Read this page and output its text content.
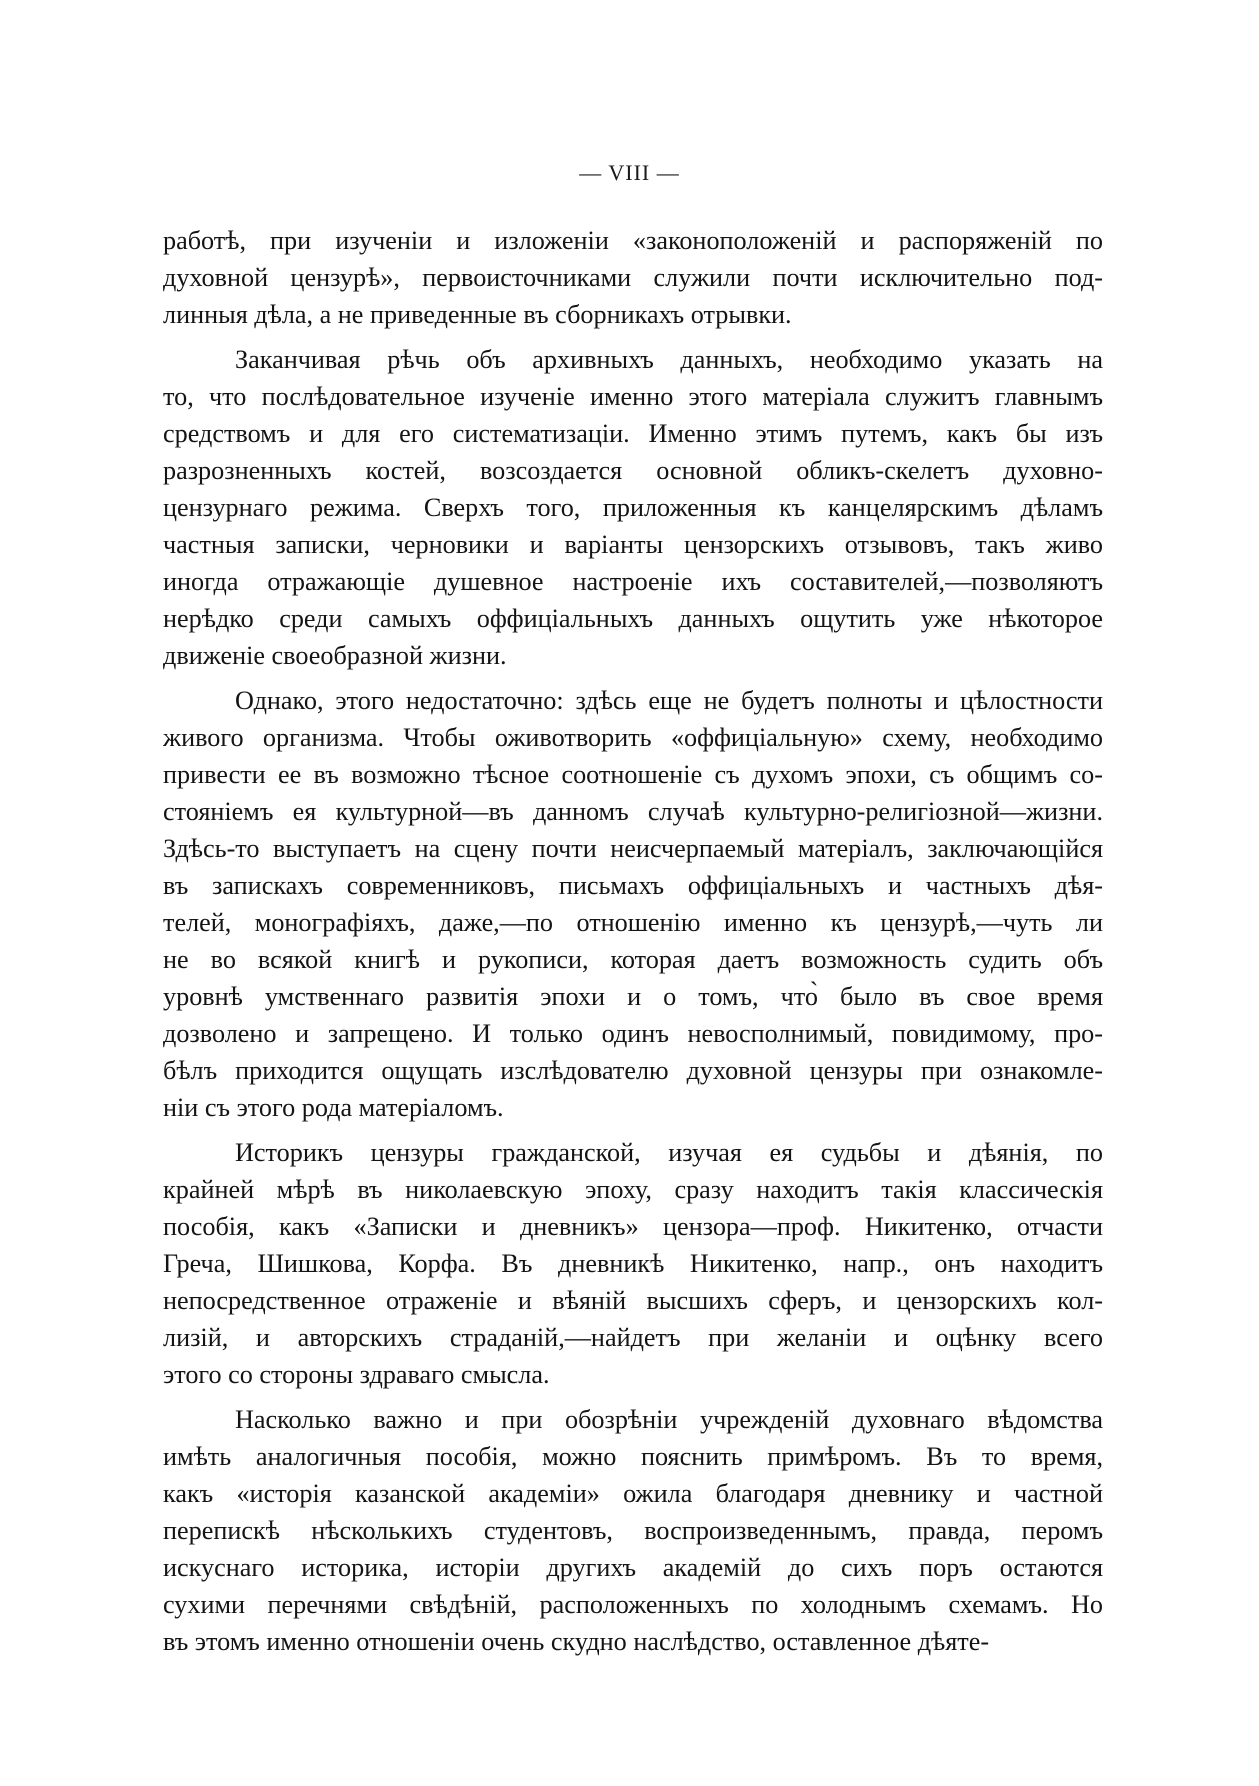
— VIII —
работѣ, при изученіи и изложеніи «законоположеній и распоряженій по
духовной цензурѣ», первоисточниками служили почти исключительно под-
линныя дѣла, а не приведенные въ сборникахъ отрывки.
Заканчивая рѣчь объ архивныхъ данныхъ, необходимо указать на
то, что послѣдовательное изученіе именно этого матеріала служитъ главнымъ
средствомъ и для его систематизаціи. Именно этимъ путемъ, какъ бы изъ
разрозненныхъ костей, возсоздается основной обликъ-скелетъ духовно-
цензурнаго режима. Сверхъ того, приложенныя къ канцелярскимъ дѣламъ
частныя записки, черновики и варіанты цензорскихъ отзывовъ, такъ живо
иногда отражающіе душевное настроеніе ихъ составителей,—позволяютъ
нерѣдко среди самыхъ оффиціальныхъ данныхъ ощутить уже нѣкоторое
движеніе своеобразной жизни.
Однако, этого недостаточно: здѣсь еще не будетъ полноты и цѣлостности
живого организма. Чтобы оживотворить «оффиціальную» схему, необходимо
привести ее въ возможно тѣсное соотношеніе съ духомъ эпохи, съ общимъ со-
стояніемъ ея культурной—въ данномъ случаѣ культурно-религіозной—жизни.
Здѣсь-то выступаетъ на сцену почти неисчерпаемый матеріалъ, заключающійся
въ запискахъ современниковъ, письмахъ оффиціальныхъ и частныхъ дѣя-
телей, монографіяхъ, даже,—по отношенію именно къ цензурѣ,—чуть ли
не во всякой книгѣ и рукописи, которая даетъ возможность судить объ
уровнѣ умственнаго развитія эпохи и о томъ, что̀ было въ свое время
дозволено и запрещено. И только одинъ невосполнимый, повидимому, про-
бѣлъ приходится ощущать изслѣдователю духовной цензуры при ознакомле-
ніи съ этого рода матеріаломъ.
Историкъ цензуры гражданской, изучая ея судьбы и дѣянія, по
крайней мѣрѣ въ николаевскую эпоху, сразу находитъ такія классическія
пособія, какъ «Записки и дневникъ» цензора—проф. Никитенко, отчасти
Греча, Шишкова, Корфа. Въ дневникѣ Никитенко, напр., онъ находитъ
непосредственное отраженіе и вѣяній высшихъ сферъ, и цензорскихъ кол-
лизій, и авторскихъ страданій,—найдетъ при желаніи и оцѣнку всего
этого со стороны здраваго смысла.
Насколько важно и при обозрѣніи учрежденій духовнаго вѣдомства
имѣть аналогичныя пособія, можно пояснить примѣромъ. Въ то время,
какъ «исторія казанской академіи» ожила благодаря дневнику и частной
перепискѣ нѣсколькихъ студентовъ, воспроизведеннымъ, правда, перомъ
искуснаго историка, исторіи другихъ академій до сихъ поръ остаются
сухими перечнями свѣдѣній, расположенныхъ по холоднымъ схемамъ. Но
въ этомъ именно отношеніи очень скудно наслѣдство, оставленное дѣяте-
